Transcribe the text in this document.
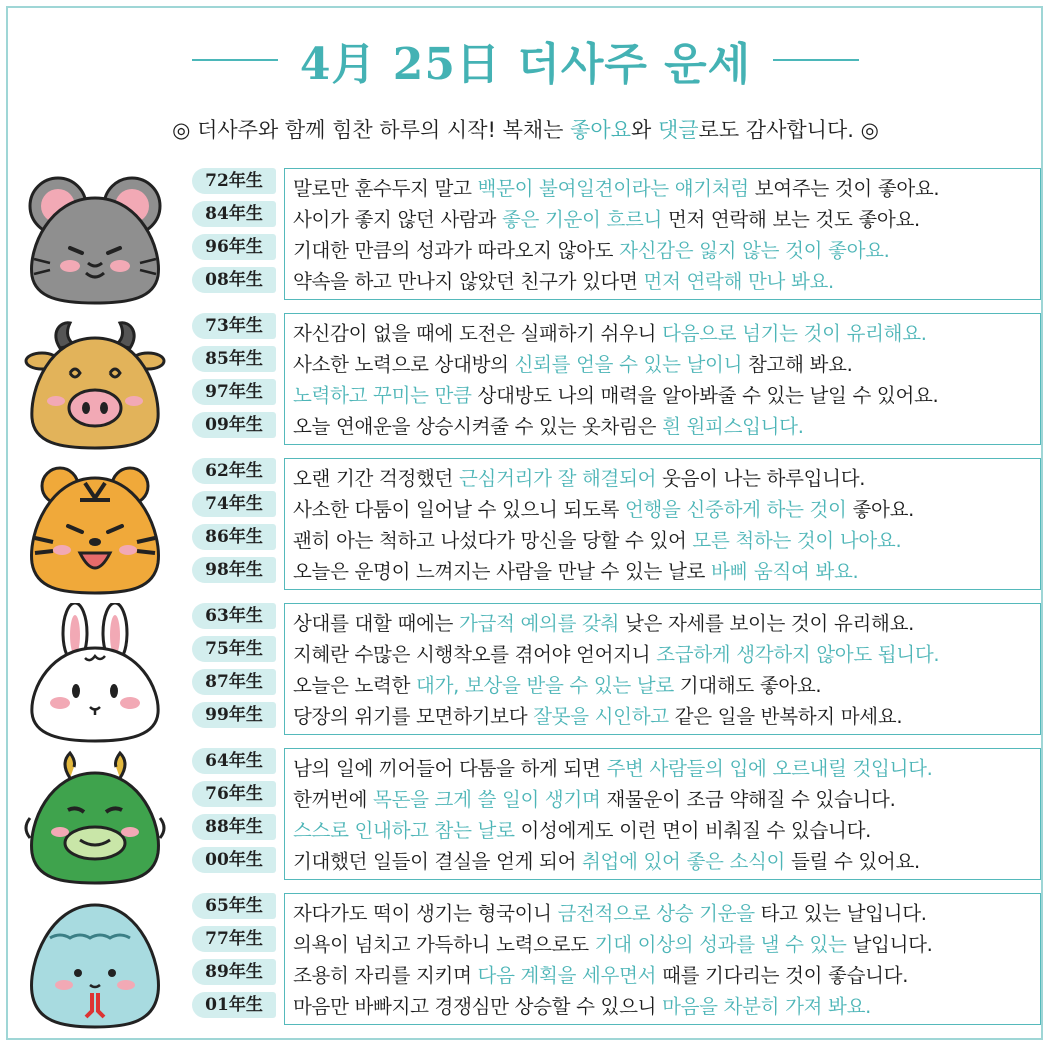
4月 25日 더사주 운세
◎ 더사주와 함께 힘찬 하루의 시작! 복채는 좋아요와 댓글로도 감사합니다. ◎
72年生
84年生
96年生
08年生
말로만 훈수두지 말고 백문이 불여일견이라는 얘기처럼 보여주는 것이 좋아요.
사이가 좋지 않던 사람과 좋은 기운이 흐르니 먼저 연락해 보는 것도 좋아요.
기대한 만큼의 성과가 따라오지 않아도 자신감은 잃지 않는 것이 좋아요.
약속을 하고 만나지 않았던 친구가 있다면 먼저 연락해 만나 봐요.
73年生
85年生
97年生
09年生
자신감이 없을 때에 도전은 실패하기 쉬우니 다음으로 넘기는 것이 유리해요.
사소한 노력으로 상대방의 신뢰를 얻을 수 있는 날이니 참고해 봐요.
노력하고 꾸미는 만큼 상대방도 나의 매력을 알아봐줄 수 있는 날일 수 있어요.
오늘 연애운을 상승시켜줄 수 있는 옷차림은 흰 원피스입니다.
62年生
74年生
86年生
98年生
오랜 기간 걱정했던 근심거리가 잘 해결되어 웃음이 나는 하루입니다.
사소한 다툼이 일어날 수 있으니 되도록 언행을 신중하게 하는 것이 좋아요.
괜히 아는 척하고 나섰다가 망신을 당할 수 있어 모른 척하는 것이 나아요.
오늘은 운명이 느껴지는 사람을 만날 수 있는 날로 바삐 움직여 봐요.
63年生
75年生
87年生
99年生
상대를 대할 때에는 가급적 예의를 갖춰 낮은 자세를 보이는 것이 유리해요.
지혜란 수많은 시행착오를 겪어야 얻어지니 조급하게 생각하지 않아도 됩니다.
오늘은 노력한 대가, 보상을 받을 수 있는 날로 기대해도 좋아요.
당장의 위기를 모면하기보다 잘못을 시인하고 같은 일을 반복하지 마세요.
64年生
76年生
88年生
00年生
남의 일에 끼어들어 다툼을 하게 되면 주변 사람들의 입에 오르내릴 것입니다.
한꺼번에 목돈을 크게 쓸 일이 생기며 재물운이 조금 약해질 수 있습니다.
스스로 인내하고 참는 날로 이성에게도 이런 면이 비춰질 수 있습니다.
기대했던 일들이 결실을 얻게 되어 취업에 있어 좋은 소식이 들릴 수 있어요.
65年生
77年生
89年生
01年生
자다가도 떡이 생기는 형국이니 금전적으로 상승 기운을 타고 있는 날입니다.
의욕이 넘치고 가득하니 노력으로도 기대 이상의 성과를 낼 수 있는 날입니다.
조용히 자리를 지키며 다음 계획을 세우면서 때를 기다리는 것이 좋습니다.
마음만 바빠지고 경쟁심만 상승할 수 있으니 마음을 차분히 가져 봐요.
